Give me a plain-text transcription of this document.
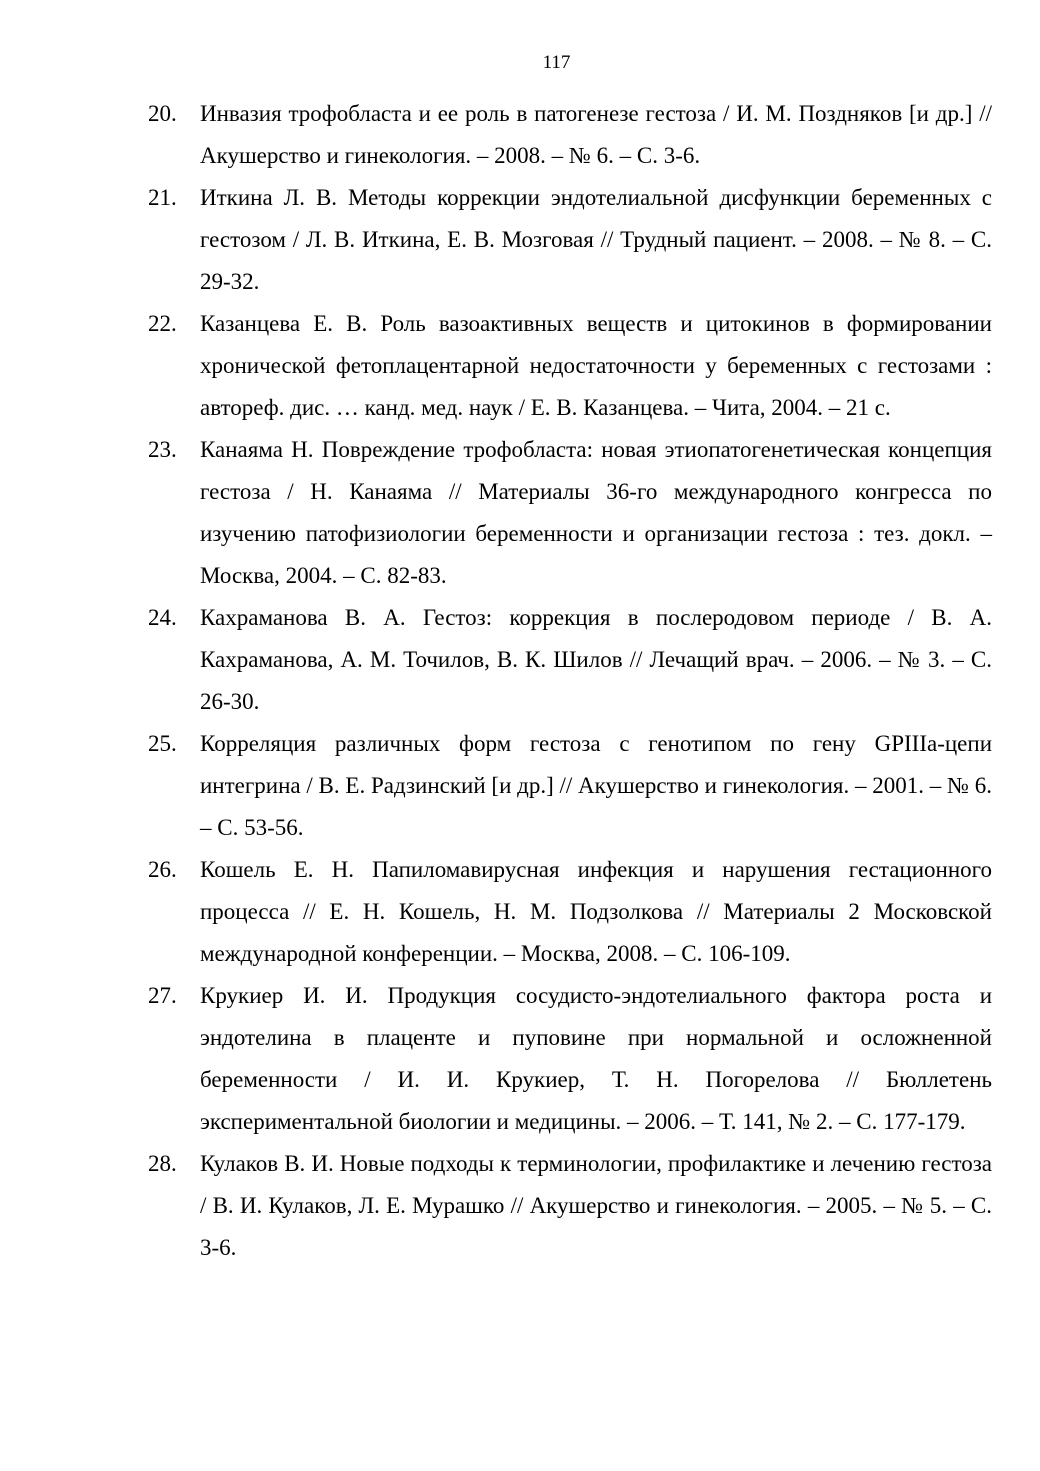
117
20.	Инвазия трофобласта и ее роль в патогенезе гестоза / И. М. Поздняков [и др.] // Акушерство и гинекология. – 2008. – № 6. – С. 3-6.
21.	Иткина Л. В. Методы коррекции эндотелиальной дисфункции беременных с гестозом / Л. В. Иткина, Е. В. Мозговая // Трудный пациент. – 2008. – № 8. – С. 29-32.
22.	Казанцева Е. В. Роль вазоактивных веществ и цитокинов в формировании хронической фетоплацентарной недостаточности у беременных с гестозами : автореф. дис. … канд. мед. наук / Е. В. Казанцева. – Чита, 2004. – 21 с.
23.	Канаяма Н. Повреждение трофобласта: новая этиопатогенетическая концепция гестоза / Н. Канаяма // Материалы 36-го международного конгресса по изучению патофизиологии беременности и организации гестоза : тез. докл. – Москва, 2004. – С. 82-83.
24.	Кахраманова В. А. Гестоз: коррекция в послеродовом периоде / В. А. Кахраманова, А. М. Точилов, В. К. Шилов // Лечащий врач. – 2006. – № 3. – С. 26-30.
25.	Корреляция различных форм гестоза с генотипом по гену GPIIIa-цепи интегрина / В. Е. Радзинский [и др.] // Акушерство и гинекология. – 2001. – № 6. – С. 53-56.
26.	Кошель Е. Н. Папиломавирусная инфекция и нарушения гестационного процесса // Е. Н. Кошель, Н. М. Подзолкова // Материалы 2 Московской международной конференции. – Москва, 2008. – С. 106-109.
27.	Крукиер И. И. Продукция сосудисто-эндотелиального фактора роста и эндотелина в плаценте и пуповине при нормальной и осложненной беременности / И. И. Крукиер, Т. Н. Погорелова // Бюллетень экспериментальной биологии и медицины. – 2006. – Т. 141, № 2. – С. 177-179.
28.	Кулаков В. И. Новые подходы к терминологии, профилактике и лечению гестоза / В. И. Кулаков, Л. Е. Мурашко // Акушерство и гинекология. – 2005. – № 5. – С. 3-6.
